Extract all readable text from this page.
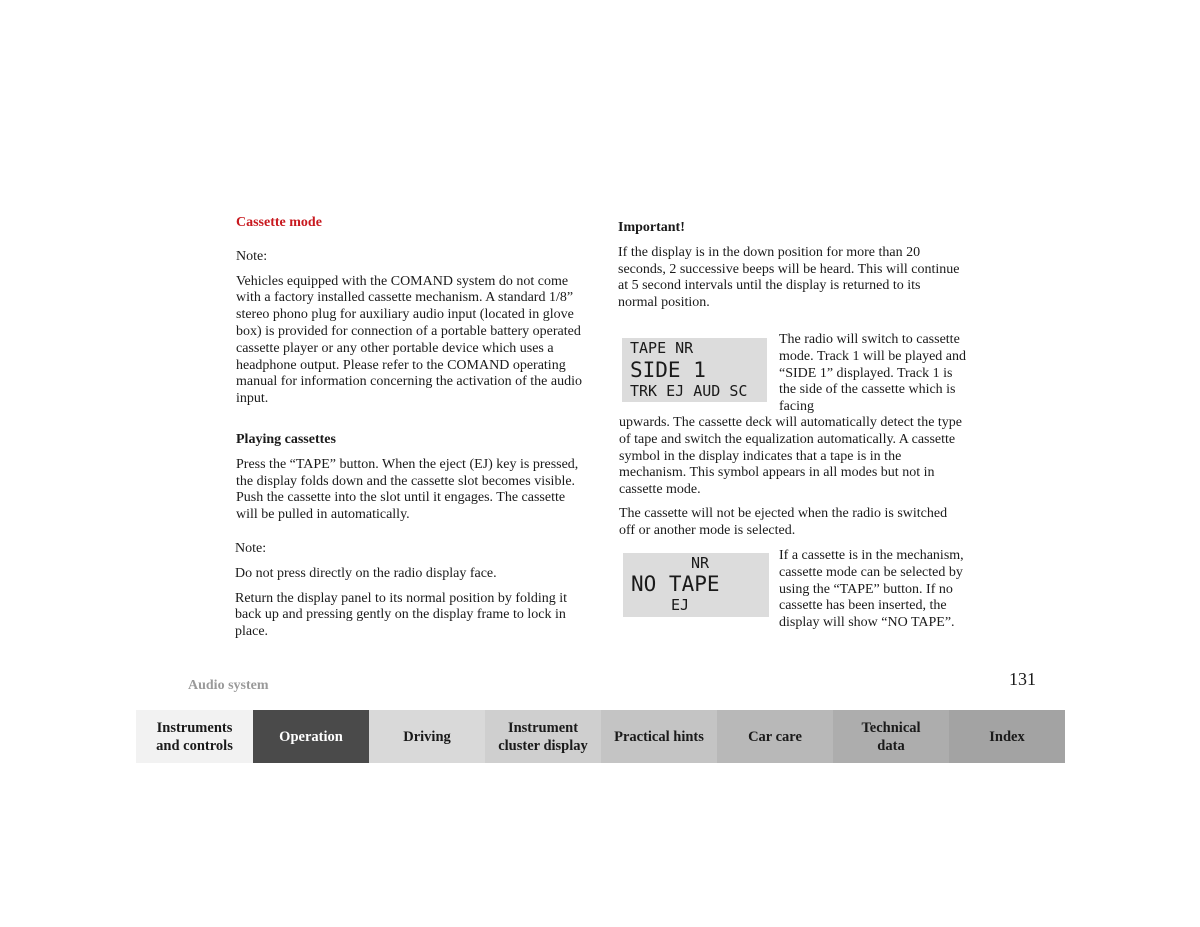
Cassette mode

Note:

Vehicles equipped with the COMAND system do not come with a factory installed cassette mechanism. A standard 1/8” stereo phono plug for auxiliary audio input (located in glove box) is provided for connection of a portable battery operated cassette player or any other portable device which uses a headphone output. Please refer to the COMAND operating manual for information concerning the activation of the audio input.

Playing cassettes

Press the “TAPE” button. When the eject (EJ) key is pressed, the display folds down and the cassette slot becomes visible. Push the cassette into the slot until it engages. The cassette will be pulled in automatically.

Note:

Do not press directly on the radio display face.

Return the display panel to its normal position by folding it back up and pressing gently on the display frame to lock in place.

Important!

If the display is in the down position for more than 20 seconds, 2 successive beeps will be heard. This will continue at 5 second intervals until the display is returned to its normal position.

TAPE NR
SIDE 1
TRK EJ AUD SC

The radio will switch to cassette mode. Track 1 will be played and “SIDE 1” displayed. Track 1 is the side of the cassette which is facing

upwards. The cassette deck will automatically detect the type of tape and switch the equalization automatically. A cassette symbol in the display indicates that a tape is in the mechanism. This symbol appears in all modes but not in cassette mode.

The cassette will not be ejected when the radio is switched off or another mode is selected.

NR
NO TAPE
EJ

If a cassette is in the mechanism, cassette mode can be selected by using the “TAPE” button. If no cassette has been inserted, the display will show “NO TAPE”.

Audio system	131
Instruments
and controls
Operation	Driving
Instrument
cluster display
Practical hints	Car care
Technical
data
Index
